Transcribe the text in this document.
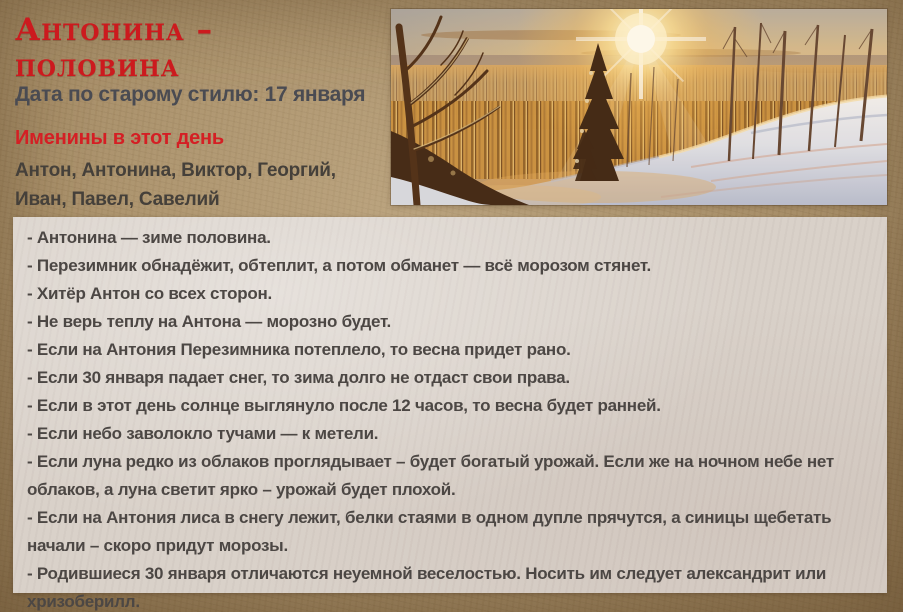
Антонина – половина
Дата по старому стилю: 17 января
Именины в этот день
Антон, Антонина, Виктор, Георгий, Иван, Павел, Савелий
- Антонина — зиме половина.
- Перезимник обнадёжит, обтеплит, а потом обманет — всё морозом стянет.
- Хитёр Антон со всех сторон.
- Не верь теплу на Антона — морозно будет.
- Если на Антония Перезимника потеплело, то весна придет рано.
- Если 30 января падает снег, то зима долго не отдаст свои права.
- Если в этот день солнце выглянуло после 12 часов, то весна будет ранней.
- Если небо заволокло тучами — к метели.
- Если луна редко из облаков проглядывает – будет богатый урожай. Если же на ночном небе нет облаков, а луна светит ярко – урожай будет плохой.
- Если на Антония лиса в снегу лежит, белки стаями в одном дупле прячутся, а синицы щебетать начали – скоро придут морозы.
- Родившиеся 30 января отличаются неуемной веселостью. Носить им следует александрит или хризоберилл.
